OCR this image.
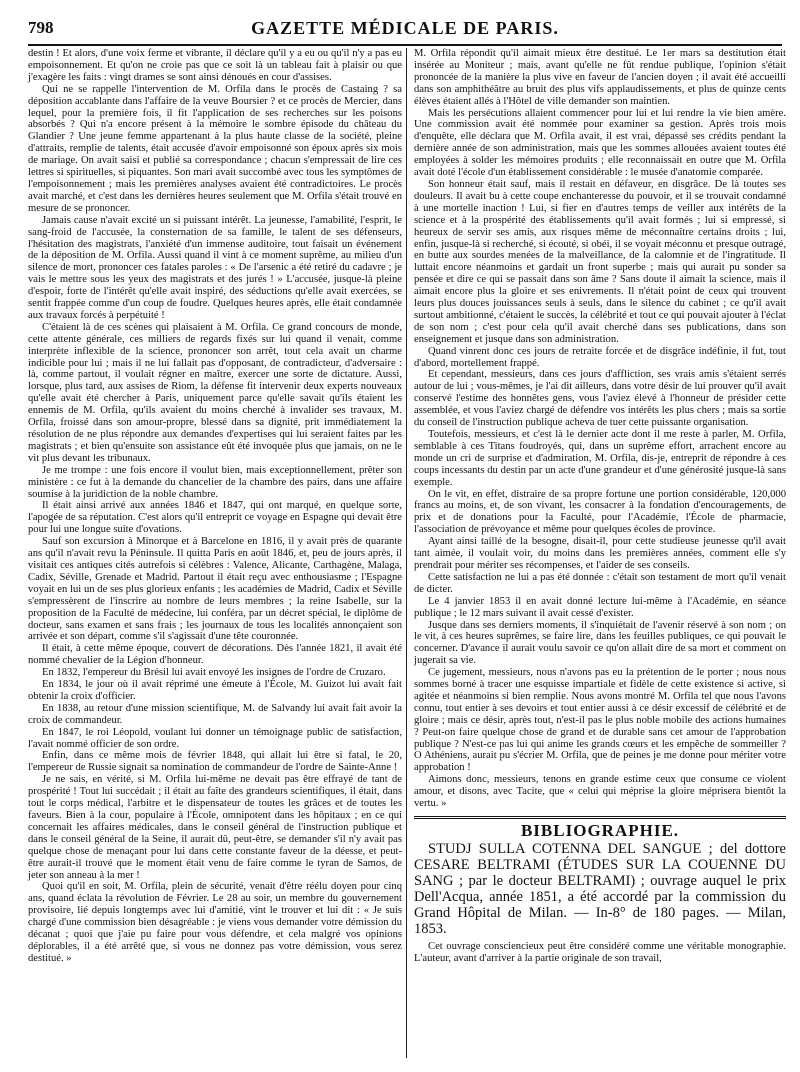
798	GAZETTE MÉDICALE DE PARIS.

destin ! Et alors, d'une voix ferme et vibrante, il déclare qu'il y a eu ou qu'il n'y a pas eu empoisonnement. Et qu'on ne croie pas que ce soit là un tableau fait à plaisir ou que j'exagère les faits : vingt drames se sont ainsi dénoués en cour d'assises.

Qui ne se rappelle l'intervention de M. Orfila dans le procès de Castaing ? sa déposition accablante dans l'affaire de la veuve Boursier ? et ce procès de Mercier, dans lequel, pour la première fois, il fit l'application de ses recherches sur les poisons absorbés ? Qui n'a encore présent à la mémoire le sombre épisode du château du Glandier ? Une jeune femme appartenant à la plus haute classe de la société, pleine d'attraits, remplie de talents, était accusée d'avoir empoisonné son époux après six mois de mariage. On avait saisi et publié sa correspondance ; chacun s'empressait de lire ces lettres si spirituelles, si piquantes. Son mari avait succombé avec tous les symptômes de l'empoisonnement ; mais les premières analyses avaient été contradictoires. Le procès avait marché, et c'est dans les dernières heures seulement que M. Orfila s'était trouvé en mesure de se prononcer.

Jamais cause n'avait excité un si puissant intérêt. La jeunesse, l'amabilité, l'esprit, le sang-froid de l'accusée, la consternation de sa famille, le talent de ses défenseurs, l'hésitation des magistrats, l'anxiété d'un immense auditoire, tout faisait un événement de la déposition de M. Orfila. Aussi quand il vint à ce moment suprême, au milieu d'un silence de mort, prononcer ces fatales paroles : « De l'arsenic a été retiré du cadavre ; je vais le mettre sous les yeux des magistrats et des jurés ! » L'accusée, jusque-là pleine d'espoir, forte de l'intérêt qu'elle avait inspiré, des séductions qu'elle avait exercées, se sentit frappée comme d'un coup de foudre. Quelques heures après, elle était condamnée aux travaux forcés à perpétuité !

C'étaient là de ces scènes qui plaisaient à M. Orfila. Ce grand concours de monde, cette attente générale, ces milliers de regards fixés sur lui quand il venait, comme interprète inflexible de la science, prononcer son arrêt, tout cela avait un charme indicible pour lui ; mais il ne lui fallait pas d'opposant, de contradicteur, d'adversaire : là, comme partout, il voulait régner en maître, exercer une sorte de dictature. Aussi, lorsque, plus tard, aux assises de Riom, la défense fit intervenir deux experts nouveaux qu'elle avait été chercher à Paris, uniquement parce qu'elle savait qu'ils étaient les ennemis de M. Orfila, qu'ils avaient du moins cherché à invalider ses travaux, M. Orfila, froissé dans son amour-propre, blessé dans sa dignité, prit immédiatement la résolution de ne plus répondre aux demandes d'expertises qui lui seraient faites par les magistrats ; et bien qu'ensuite son assistance eût été invoquée plus que jamais, on ne le vit plus devant les tribunaux.

Je me trompe : une fois encore il voulut bien, mais exceptionnellement, prêter son ministère : ce fut à la demande du chancelier de la chambre des pairs, dans une affaire soumise à la juridiction de la noble chambre.

Il était ainsi arrivé aux années 1846 et 1847, qui ont marqué, en quelque sorte, l'apogée de sa réputation. C'est alors qu'il entreprit ce voyage en Espagne qui devait être pour lui une longue suite d'ovations.

Sauf son excursion à Minorque et à Barcelone en 1816, il y avait près de quarante ans qu'il n'avait revu la Péninsule. Il quitta Paris en août 1846, et, peu de jours après, il visitait ces antiques cités autrefois si célèbres : Valence, Alicante, Carthagène, Malaga, Cadix, Séville, Grenade et Madrid. Partout il était reçu avec enthousiasme ; l'Espagne voyait en lui un de ses plus glorieux enfants ; les académies de Madrid, Cadix et Séville s'empressèrent de l'inscrire au nombre de leurs membres ; la reine Isabelle, sur la proposition de la Faculté de médecine, lui conféra, par un décret spécial, le diplôme de docteur, sans examen et sans frais ; les journaux de tous les localités annonçaient son arrivée et son départ, comme s'il s'agissait d'une tête couronnée.

Il était, à cette même époque, couvert de décorations. Dès l'année 1821, il avait été nommé chevalier de la Légion d'honneur.

En 1832, l'empereur du Brésil lui avait envoyé les insignes de l'ordre de Cruzaro.

En 1834, le jour où il avait réprimé une émeute à l'École, M. Guizot lui avait fait obtenir la croix d'officier.

En 1838, au retour d'une mission scientifique, M. de Salvandy lui avait fait avoir la croix de commandeur.

En 1847, le roi Léopold, voulant lui donner un témoignage public de satisfaction, l'avait nommé officier de son ordre.

Enfin, dans ce même mois de février 1848, qui allait lui être si fatal, le 20, l'empereur de Russie signait sa nomination de commandeur de l'ordre de Sainte-Anne !

Je ne sais, en vérité, si M. Orfila lui-même ne devait pas être effrayé de tant de prospérité ! Tout lui succédait ; il était au faîte des grandeurs scientifiques, il était, dans tout le corps médical, l'arbitre et le dispensateur de toutes les grâces et de toutes les faveurs. Bien à la cour, populaire à l'École, omnipotent dans les hôpitaux ; en ce qui concernait les affaires médicales, dans le conseil général de l'instruction publique et dans le conseil général de la Seine, il aurait dû, peut-être, se demander s'il n'y avait pas quelque chose de menaçant pour lui dans cette constante faveur de la déesse, et peut-être aurait-il trouvé que le moment était venu de faire comme le tyran de Samos, de jeter son anneau à la mer !

Quoi qu'il en soit, M. Orfila, plein de sécurité, venait d'être réélu doyen pour cinq ans, quand éclata la révolution de Février. Le 28 au soir, un membre du gouvernement provisoire, lié depuis longtemps avec lui d'amitié, vint le trouver et lui dit : « Je suis chargé d'une commission bien désagréable : je viens vous demander votre démission du décanat ; quoi que j'aie pu faire pour vous défendre, et cela malgré vos opinions déplorables, il a été arrêté que, si vous ne donnez pas votre démission, vous serez destitué. »

M. Orfila répondit qu'il aimait mieux être destitué. Le 1er mars sa destitution était insérée au Moniteur ; mais, avant qu'elle ne fût rendue publique, l'opinion s'était prononcée de la manière la plus vive en faveur de l'ancien doyen ; il avait été accueilli dans son amphithéâtre au bruit des plus vifs applaudissements, et plus de quinze cents élèves étaient allés à l'Hôtel de ville demander son maintien.

Mais les persécutions allaient commencer pour lui et lui rendre la vie bien amère. Une commission avait été nommée pour examiner sa gestion. Après trois mois d'enquête, elle déclara que M. Orfila avait, il est vrai, dépassé ses crédits pendant la dernière année de son administration, mais que les sommes allouées avaient toutes été employées à solder les mémoires produits ; elle reconnaissait en outre que M. Orfila avait doté l'école d'un établissement considérable : le musée d'anatomie comparée.

Son honneur était sauf, mais il restait en défaveur, en disgrâce. De là toutes ses douleurs. Il avait bu à cette coupe enchanteresse du pouvoir, et il se trouvait condamné à une mortelle inaction ! Lui, si fier en d'autres temps de veiller aux intérêts de la science et à la prospérité des établissements qu'il avait formés ; lui si empressé, si heureux de servir ses amis, aux risques même de méconnaître certains droits ; lui, enfin, jusque-là si recherché, si écouté, si obéi, il se voyait méconnu et presque outragé, en butte aux sourdes menées de la malveillance, de la calomnie et de l'ingratitude. Il luttait encore néanmoins et gardait un front superbe ; mais qui aurait pu sonder sa pensée et dire ce qui se passait dans son âme ? Sans doute il aimait la science, mais il aimait encore plus la gloire et ses enivrements. Il n'était point de ceux qui trouvent leurs plus douces jouissances seuls à seuls, dans le silence du cabinet ; ce qu'il avait surtout ambitionné, c'étaient le succès, la célébrité et tout ce qui pouvait ajouter à l'éclat de son nom ; c'est pour cela qu'il avait cherché dans ses publications, dans son enseignement et jusque dans son administration.

Quand vinrent donc ces jours de retraite forcée et de disgrâce indéfinie, il fut, tout d'abord, mortellement frappé.

Et cependant, messieurs, dans ces jours d'affliction, ses vrais amis s'étaient serrés autour de lui ; vous-mêmes, je l'ai dit ailleurs, dans votre désir de lui prouver qu'il avait conservé l'estime des honnêtes gens, vous l'aviez élevé à l'honneur de présider cette assemblée, et vous l'aviez chargé de défendre vos intérêts les plus chers ; mais sa sortie du conseil de l'instruction publique acheva de tuer cette puissante organisation.

Toutefois, messieurs, et c'est là le dernier acte dont il me reste à parler, M. Orfila, semblable à ces Titans foudroyés, qui, dans un suprême effort, arrachent encore au monde un cri de surprise et d'admiration, M. Orfila, dis-je, entreprit de répondre à ces coups incessants du destin par un acte d'une grandeur et d'une générosité jusque-là sans exemple.

On le vit, en effet, distraire de sa propre fortune une portion considérable, 120,000 francs au moins, et, de son vivant, les consacrer à la fondation d'encouragements, de prix et de donations pour la Faculté, pour l'Académie, l'École de pharmacie, l'association de prévoyance et même pour quelques écoles de province.

Ayant ainsi taillé de la besogne, disait-il, pour cette studieuse jeunesse qu'il avait tant aimée, il voulait voir, du moins dans les premières années, comment elle s'y prendrait pour mériter ses récompenses, et l'aider de ses conseils.

Cette satisfaction ne lui a pas été donnée : c'était son testament de mort qu'il venait de dicter.

Le 4 janvier 1853 il en avait donné lecture lui-même à l'Académie, en séance publique ; le 12 mars suivant il avait cessé d'exister.

Jusque dans ses derniers moments, il s'inquiétait de l'avenir réservé à son nom ; on le vit, à ces heures suprêmes, se faire lire, dans les feuilles publiques, ce qui pouvait le concerner. D'avance il aurait voulu savoir ce qu'on allait dire de sa mort et comment on jugerait sa vie.

Ce jugement, messieurs, nous n'avons pas eu la prétention de le porter ; nous nous sommes borné à tracer une esquisse impartiale et fidèle de cette existence si active, si agitée et néanmoins si bien remplie. Nous avons montré M. Orfila tel que nous l'avons connu, tout entier à ses devoirs et tout entier aussi à ce désir excessif de célébrité et de gloire ; mais ce désir, après tout, n'est-il pas le plus noble mobile des actions humaines ? Peut-on faire quelque chose de grand et de durable sans cet amour de l'approbation publique ? N'est-ce pas lui qui anime les grands cœurs et les empêche de sommeiller ? O Athéniens, aurait pu s'écrier M. Orfila, que de peines je me donne pour mériter votre approbation !

Aimons donc, messieurs, tenons en grande estime ceux que consume ce violent amour, et disons, avec Tacite, que « celui qui méprise la gloire méprisera bientôt la vertu. »

BIBLIOGRAPHIE.

STUDJ SULLA COTENNA DEL SANGUE ; del dottore CESARE BELTRAMI (ÉTUDES SUR LA COUENNE DU SANG ; par le docteur BELTRAMI) ; ouvrage auquel le prix Dell'Acqua, année 1851, a été accordé par la commission du Grand Hôpital de Milan. — In-8° de 180 pages. — Milan, 1853.

Cet ouvrage consciencieux peut être considéré comme une véritable monographie. L'auteur, avant d'arriver à la partie originale de son travail,
